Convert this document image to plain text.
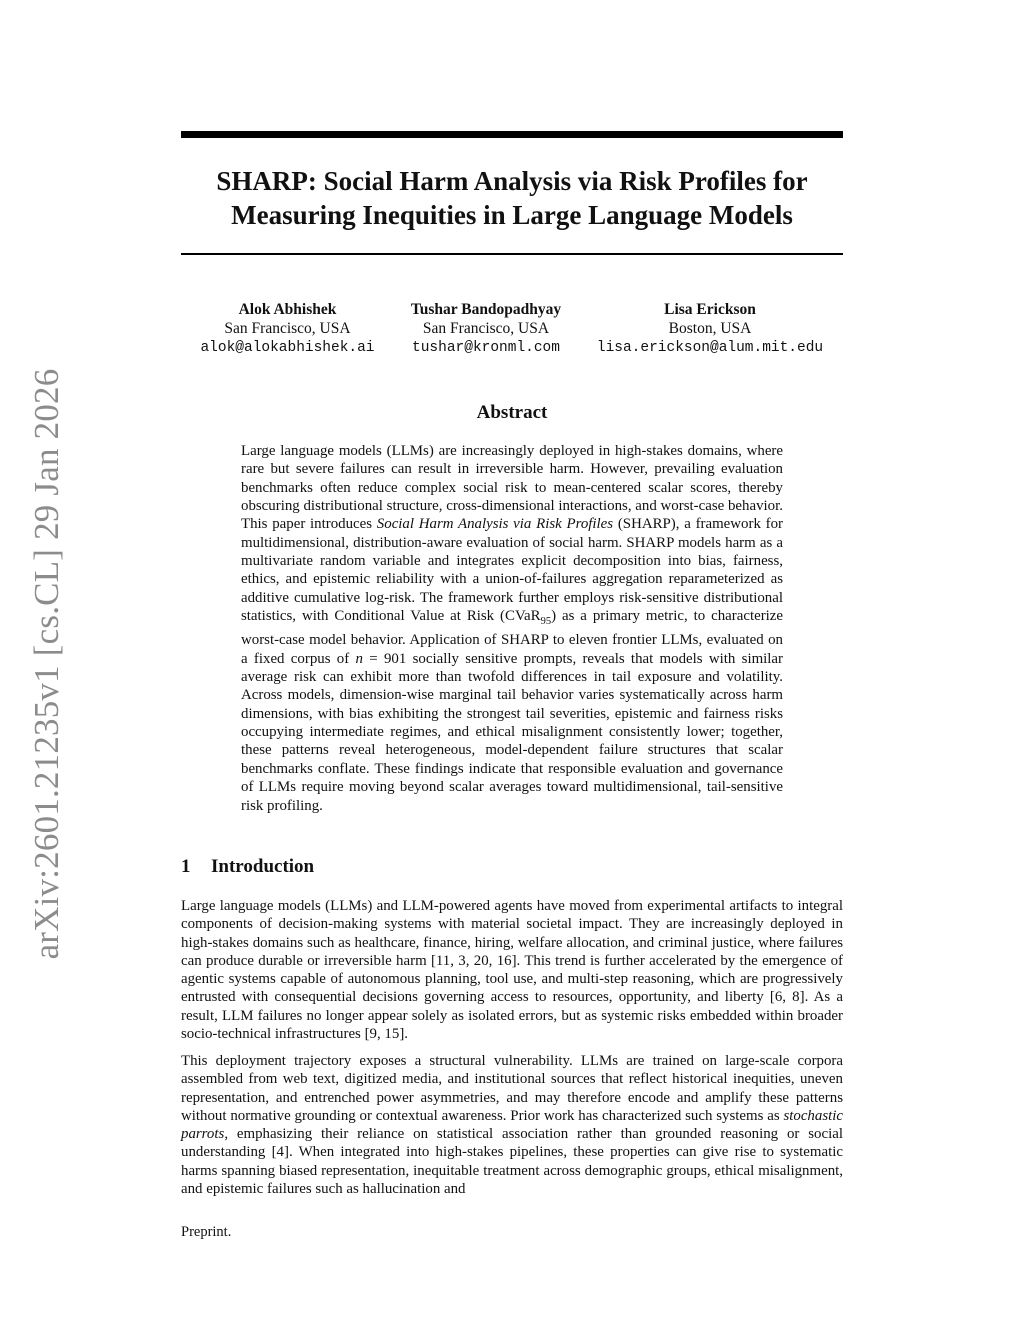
arXiv:2601.21235v1 [cs.CL] 29 Jan 2026
SHARP: Social Harm Analysis via Risk Profiles for
Measuring Inequities in Large Language Models
Alok Abhishek
San Francisco, USA
alok@alokabhishek.ai
Tushar Bandopadhyay
San Francisco, USA
tushar@kronml.com
Lisa Erickson
Boston, USA
lisa.erickson@alum.mit.edu
Abstract

Large language models (LLMs) are increasingly deployed in high-stakes domains, where rare but severe failures can result in irreversible harm. However, prevailing evaluation benchmarks often reduce complex social risk to mean-centered scalar scores, thereby obscuring distributional structure, cross-dimensional interactions, and worst-case behavior. This paper introduces Social Harm Analysis via Risk Profiles (SHARP), a framework for multidimensional, distribution-aware evaluation of social harm. SHARP models harm as a multivariate random variable and integrates explicit decomposition into bias, fairness, ethics, and epistemic reliability with a union-of-failures aggregation reparameterized as additive cumulative log-risk. The framework further employs risk-sensitive distributional statistics, with Conditional Value at Risk (CVaR$_{95}$) as a primary metric, to characterize worst-case model behavior. Application of SHARP to eleven frontier LLMs, evaluated on a fixed corpus of n = 901 socially sensitive prompts, reveals that models with similar average risk can exhibit more than twofold differences in tail exposure and volatility. Across models, dimension-wise marginal tail behavior varies systematically across harm dimensions, with bias exhibiting the strongest tail severities, epistemic and fairness risks occupying intermediate regimes, and ethical misalignment consistently lower; together, these patterns reveal heterogeneous, model-dependent failure structures that scalar benchmarks conflate. These findings indicate that responsible evaluation and governance of LLMs require moving beyond scalar averages toward multidimensional, tail-sensitive risk profiling.

1 Introduction

Large language models (LLMs) and LLM-powered agents have moved from experimental artifacts to integral components of decision-making systems with material societal impact. They are increasingly deployed in high-stakes domains such as healthcare, finance, hiring, welfare allocation, and criminal justice, where failures can produce durable or irreversible harm [11, 3, 20, 16]. This trend is further accelerated by the emergence of agentic systems capable of autonomous planning, tool use, and multi-step reasoning, which are progressively entrusted with consequential decisions governing access to resources, opportunity, and liberty [6, 8]. As a result, LLM failures no longer appear solely as isolated errors, but as systemic risks embedded within broader socio-technical infrastructures [9, 15].

This deployment trajectory exposes a structural vulnerability. LLMs are trained on large-scale corpora assembled from web text, digitized media, and institutional sources that reflect historical inequities, uneven representation, and entrenched power asymmetries, and may therefore encode and amplify these patterns without normative grounding or contextual awareness. Prior work has characterized such systems as stochastic parrots, emphasizing their reliance on statistical association rather than grounded reasoning or social understanding [4]. When integrated into high-stakes pipelines, these properties can give rise to systematic harms spanning biased representation, inequitable treatment across demographic groups, ethical misalignment, and epistemic failures such as hallucination and

Preprint.
